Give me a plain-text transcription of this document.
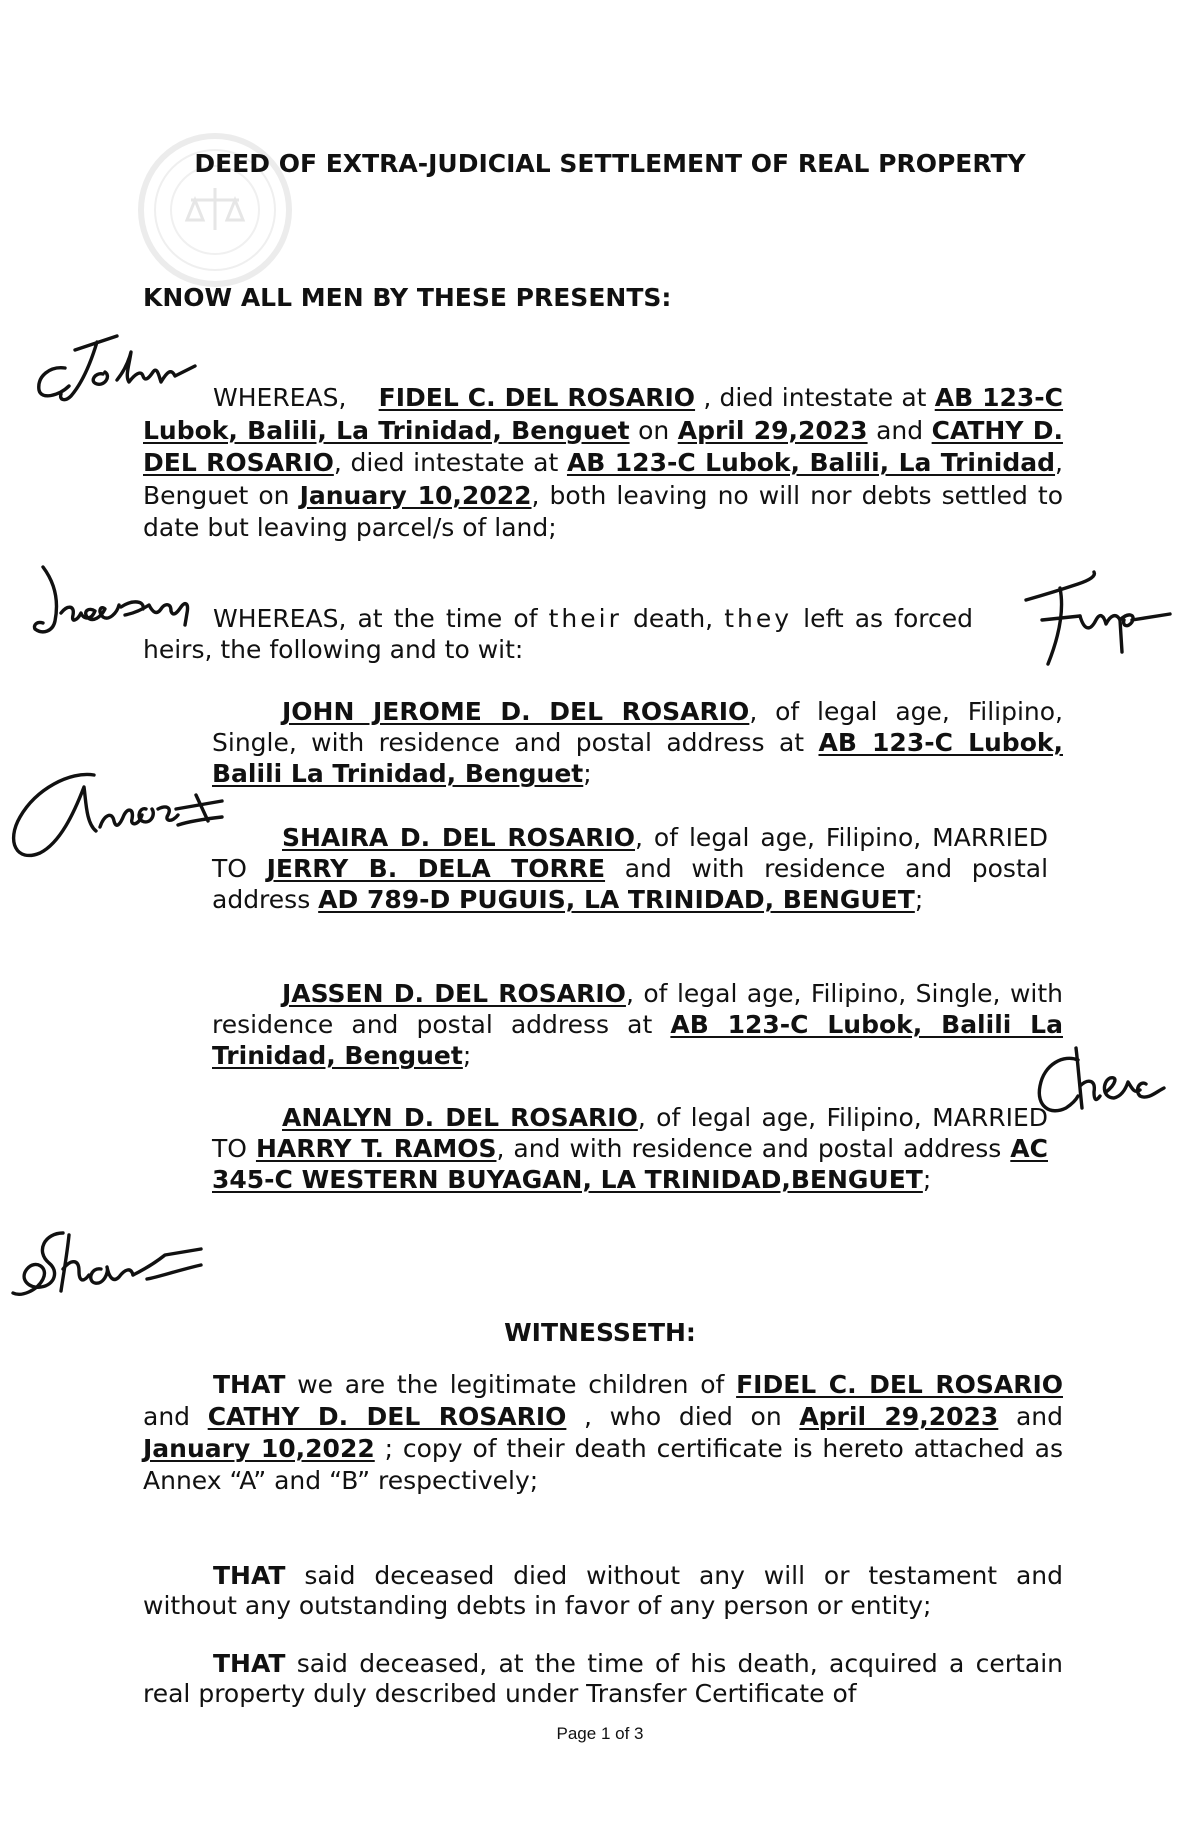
DEED OF EXTRA-JUDICIAL SETTLEMENT OF REAL PROPERTY
KNOW ALL MEN BY THESE PRESENTS:
WHEREAS, FIDEL C. DEL ROSARIO , died intestate at AB 123-C Lubok, Balili, La Trinidad, Benguet on April 29,2023 and CATHY D. DEL ROSARIO, died intestate at AB 123-C Lubok, Balili, La Trinidad, Benguet on January 10,2022, both leaving no will nor debts settled to date but leaving parcel/s of land;
WHEREAS, at the time of their death, they left as forced heirs, the following and to wit:
JOHN JEROME D. DEL ROSARIO, of legal age, Filipino, Single, with residence and postal address at AB 123-C Lubok, Balili La Trinidad, Benguet;
SHAIRA D. DEL ROSARIO, of legal age, Filipino, MARRIED TO JERRY B. DELA TORRE and with residence and postal address AD 789-D PUGUIS, LA TRINIDAD, BENGUET;
JASSEN D. DEL ROSARIO, of legal age, Filipino, Single, with residence and postal address at AB 123-C Lubok, Balili La Trinidad, Benguet;
ANALYN D. DEL ROSARIO, of legal age, Filipino, MARRIED TO HARRY T. RAMOS, and with residence and postal address AC 345-C WESTERN BUYAGAN, LA TRINIDAD,BENGUET;
WITNESSETH:
THAT we are the legitimate children of FIDEL C. DEL ROSARIO and CATHY D. DEL ROSARIO , who died on April 29,2023 and January 10,2022 ; copy of their death certificate is hereto attached as Annex “A” and “B” respectively;
THAT said deceased died without any will or testament and without any outstanding debts in favor of any person or entity;
THAT said deceased, at the time of his death, acquired a certain real property duly described under Transfer Certificate of
Page 1 of 3
